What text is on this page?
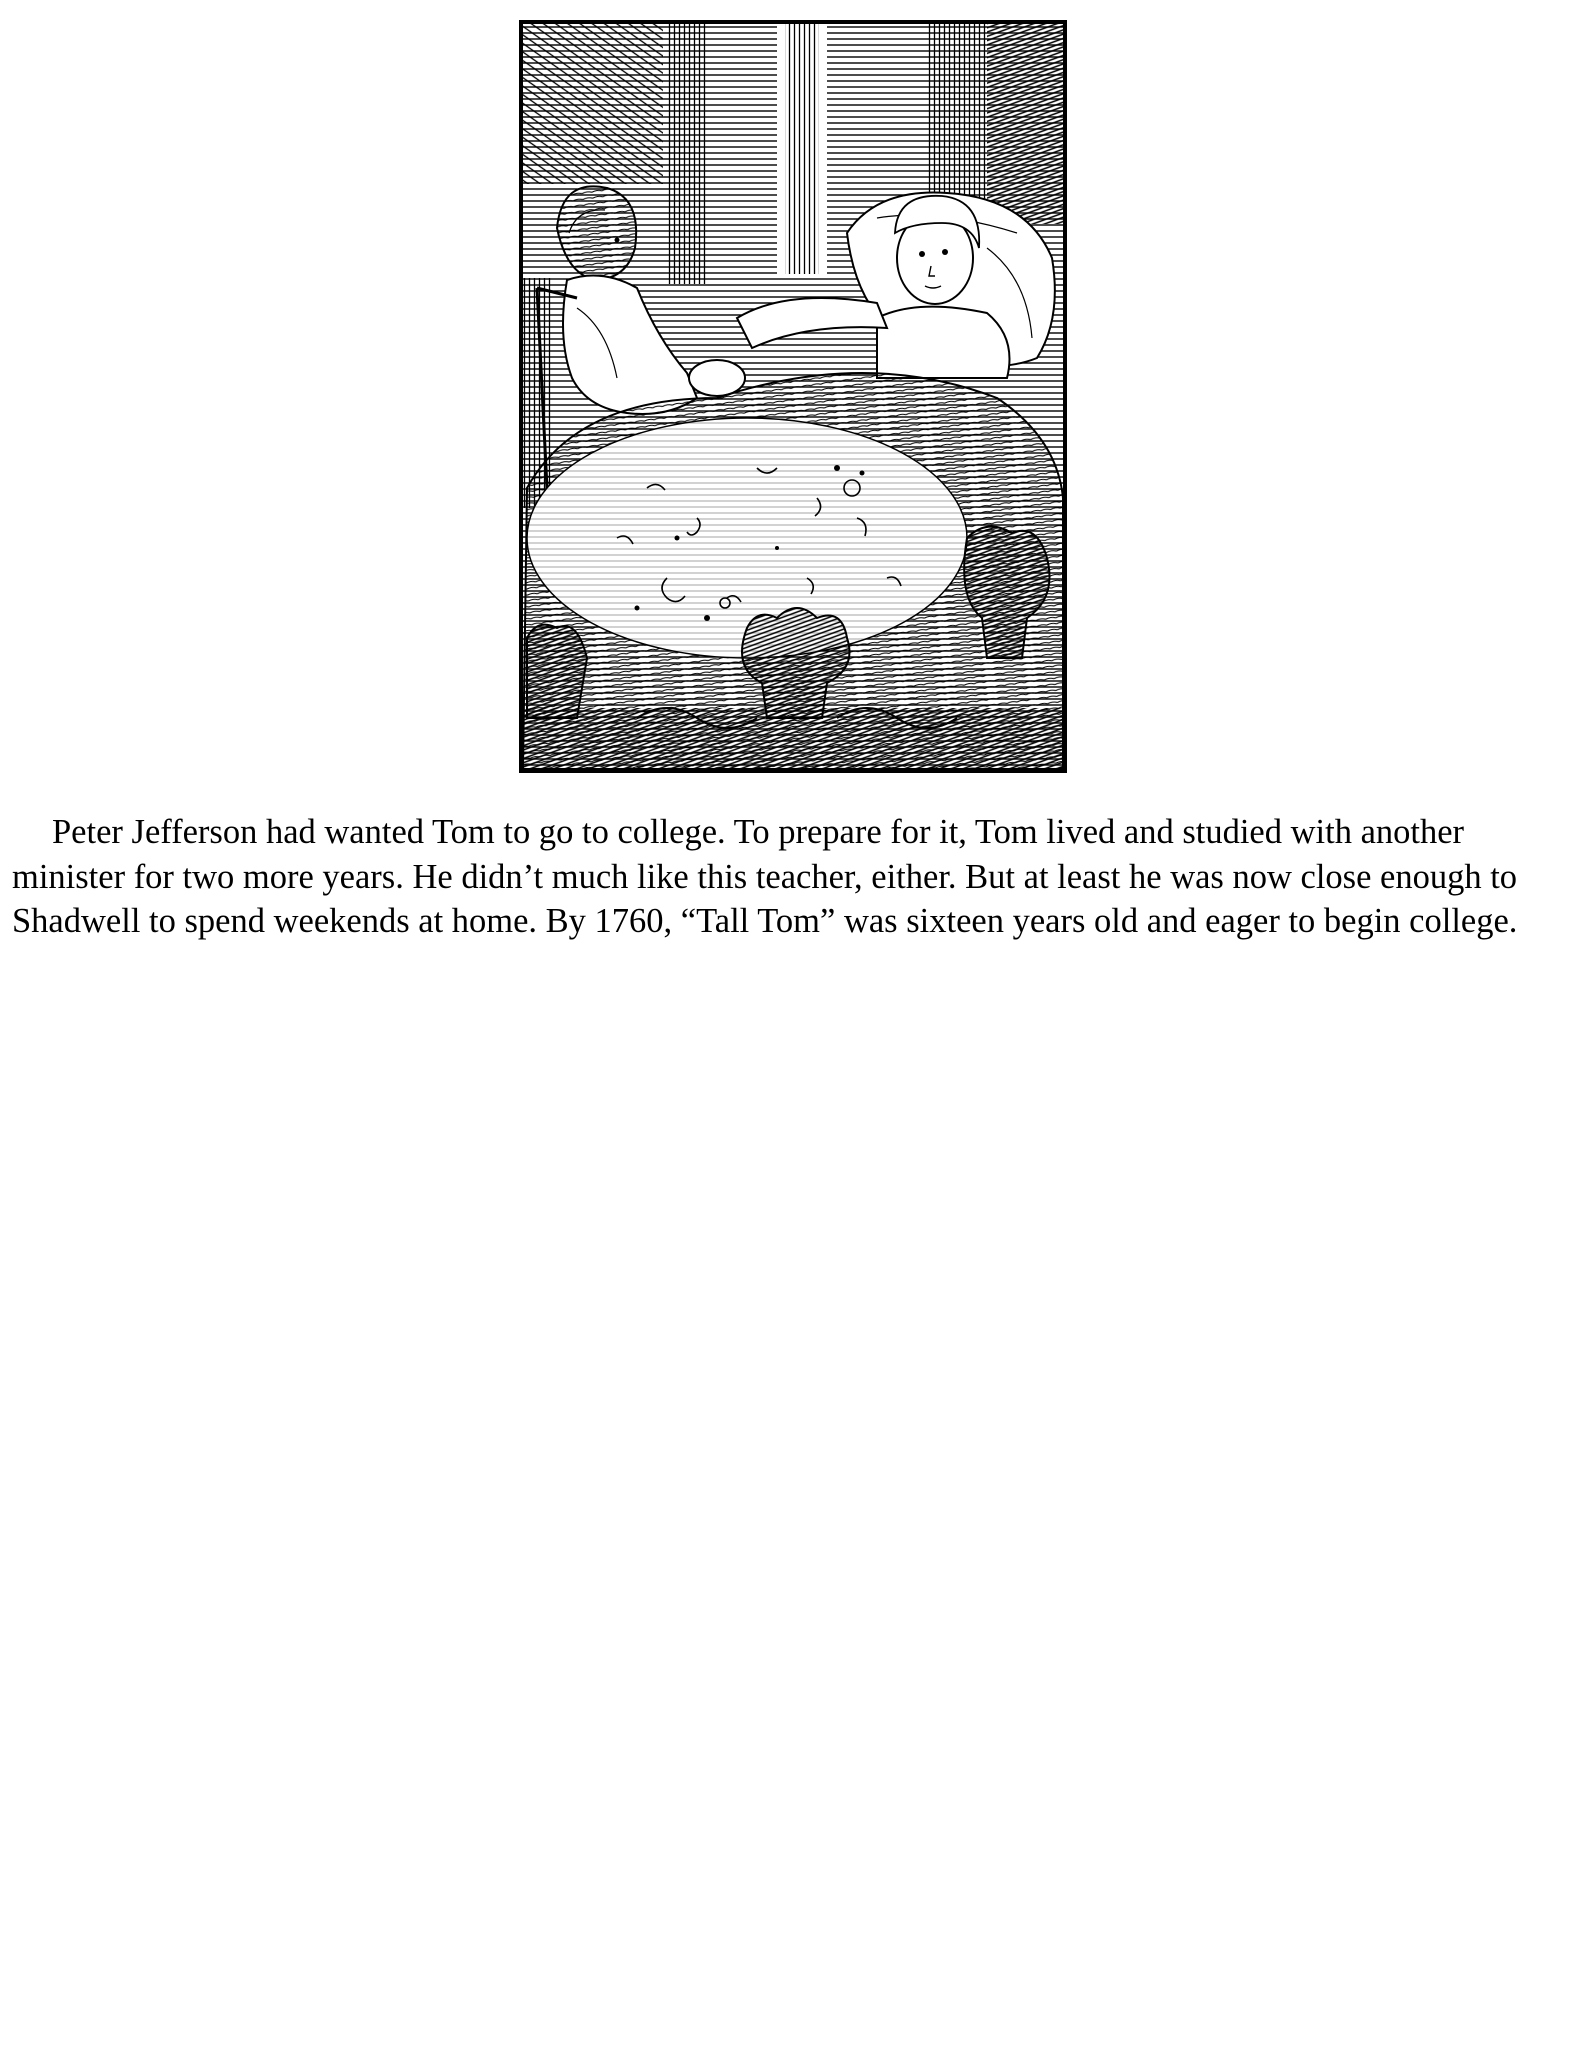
Peter Jefferson had wanted Tom to go to college. To prepare for it, Tom lived and studied with another minister for two more years. He didn’t much like this teacher, either. But at least he was now close enough to Shadwell to spend weekends at home. By 1760, “Tall Tom” was sixteen years old and eager to begin college.
